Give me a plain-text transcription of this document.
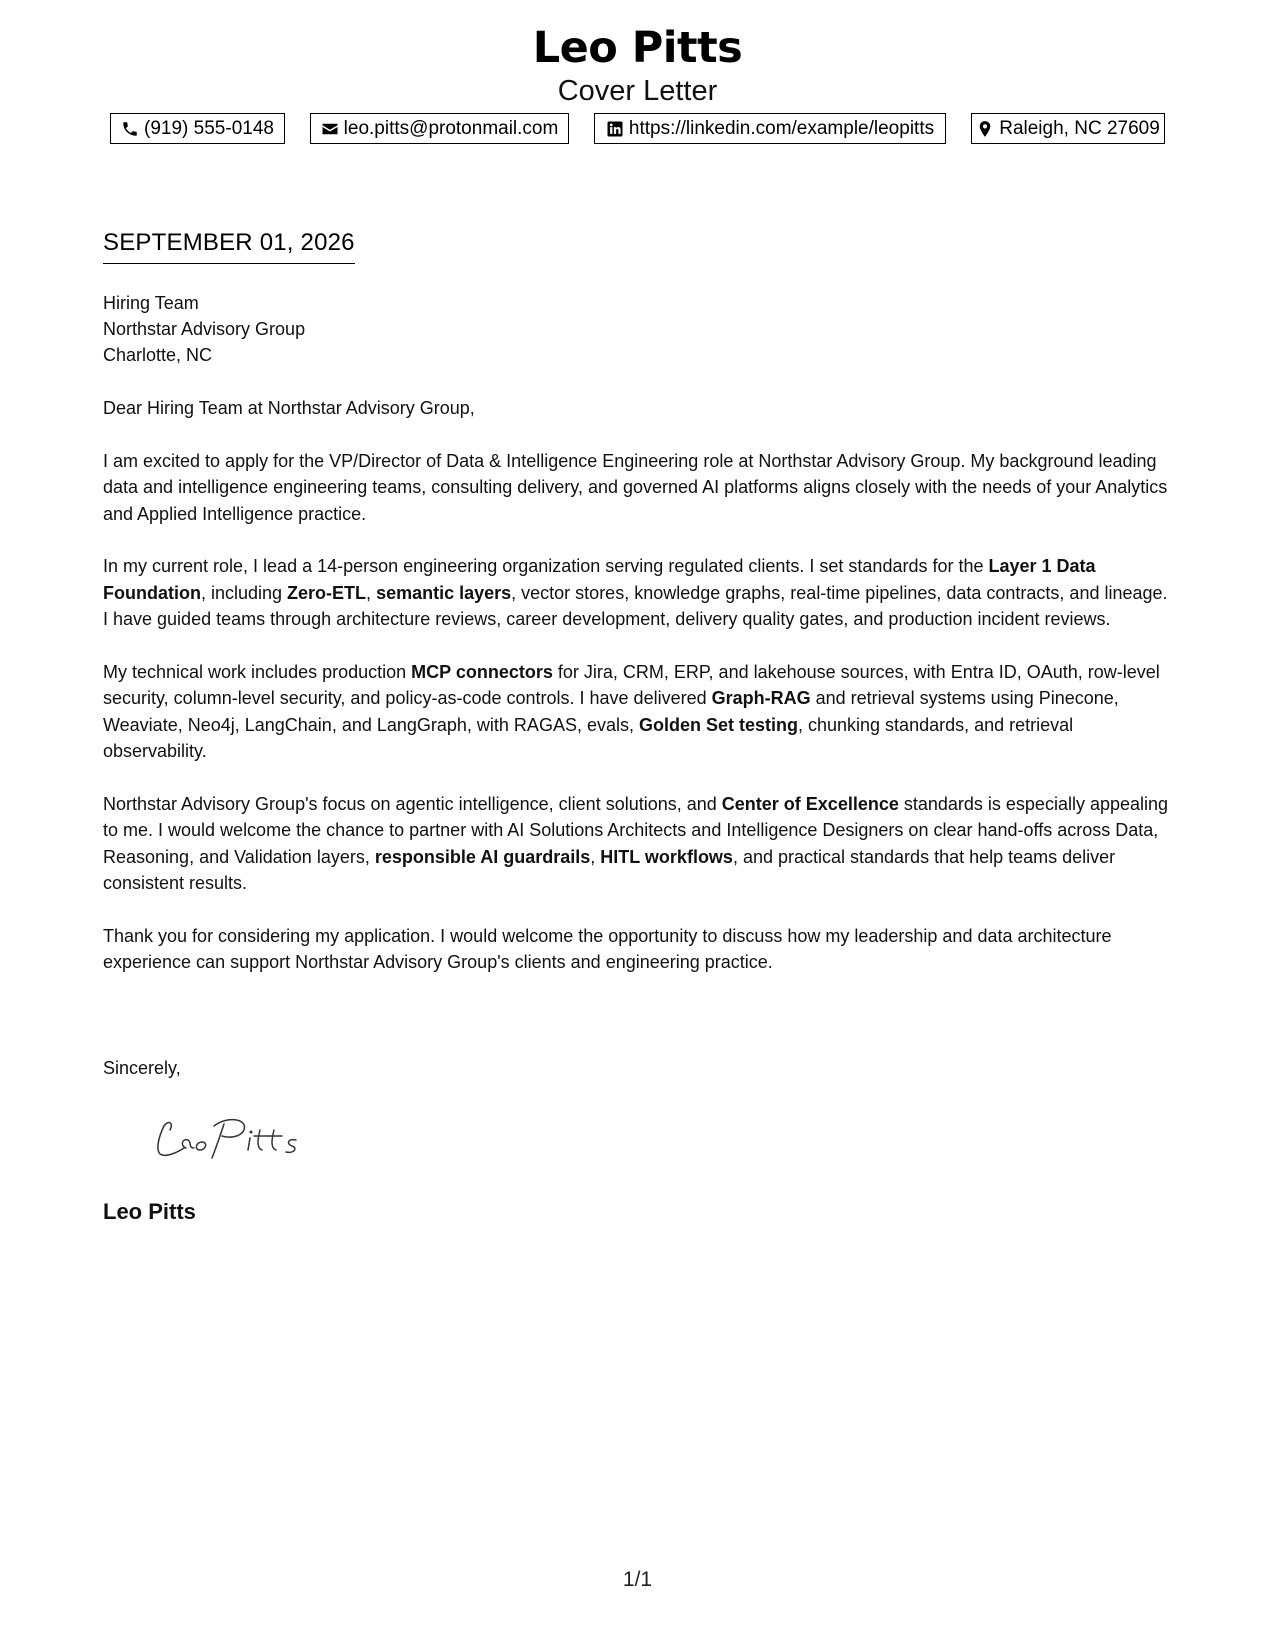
Leo Pitts
Cover Letter
(919) 555-0148	leo.pitts@protonmail.com	https://linkedin.com/example/leopitts	Raleigh, NC 27609
SEPTEMBER 01, 2026
Hiring Team
Northstar Advisory Group
Charlotte, NC

Dear Hiring Team at Northstar Advisory Group,

I am excited to apply for the VP/Director of Data & Intelligence Engineering role at Northstar Advisory Group. My background leading data and intelligence engineering teams, consulting delivery, and governed AI platforms aligns closely with the needs of your Analytics and Applied Intelligence practice.

In my current role, I lead a 14-person engineering organization serving regulated clients. I set standards for the Layer 1 Data Foundation, including Zero-ETL, semantic layers, vector stores, knowledge graphs, real-time pipelines, data contracts, and lineage. I have guided teams through architecture reviews, career development, delivery quality gates, and production incident reviews.

My technical work includes production MCP connectors for Jira, CRM, ERP, and lakehouse sources, with Entra ID, OAuth, row-level security, column-level security, and policy-as-code controls. I have delivered Graph-RAG and retrieval systems using Pinecone, Weaviate, Neo4j, LangChain, and LangGraph, with RAGAS, evals, Golden Set testing, chunking standards, and retrieval observability.

Northstar Advisory Group's focus on agentic intelligence, client solutions, and Center of Excellence standards is especially appealing to me. I would welcome the chance to partner with AI Solutions Architects and Intelligence Designers on clear hand-offs across Data, Reasoning, and Validation layers, responsible AI guardrails, HITL workflows, and practical standards that help teams deliver consistent results.

Thank you for considering my application. I would welcome the opportunity to discuss how my leadership and data architecture experience can support Northstar Advisory Group's clients and engineering practice.

Sincerely,
Leo Pitts
1/1
